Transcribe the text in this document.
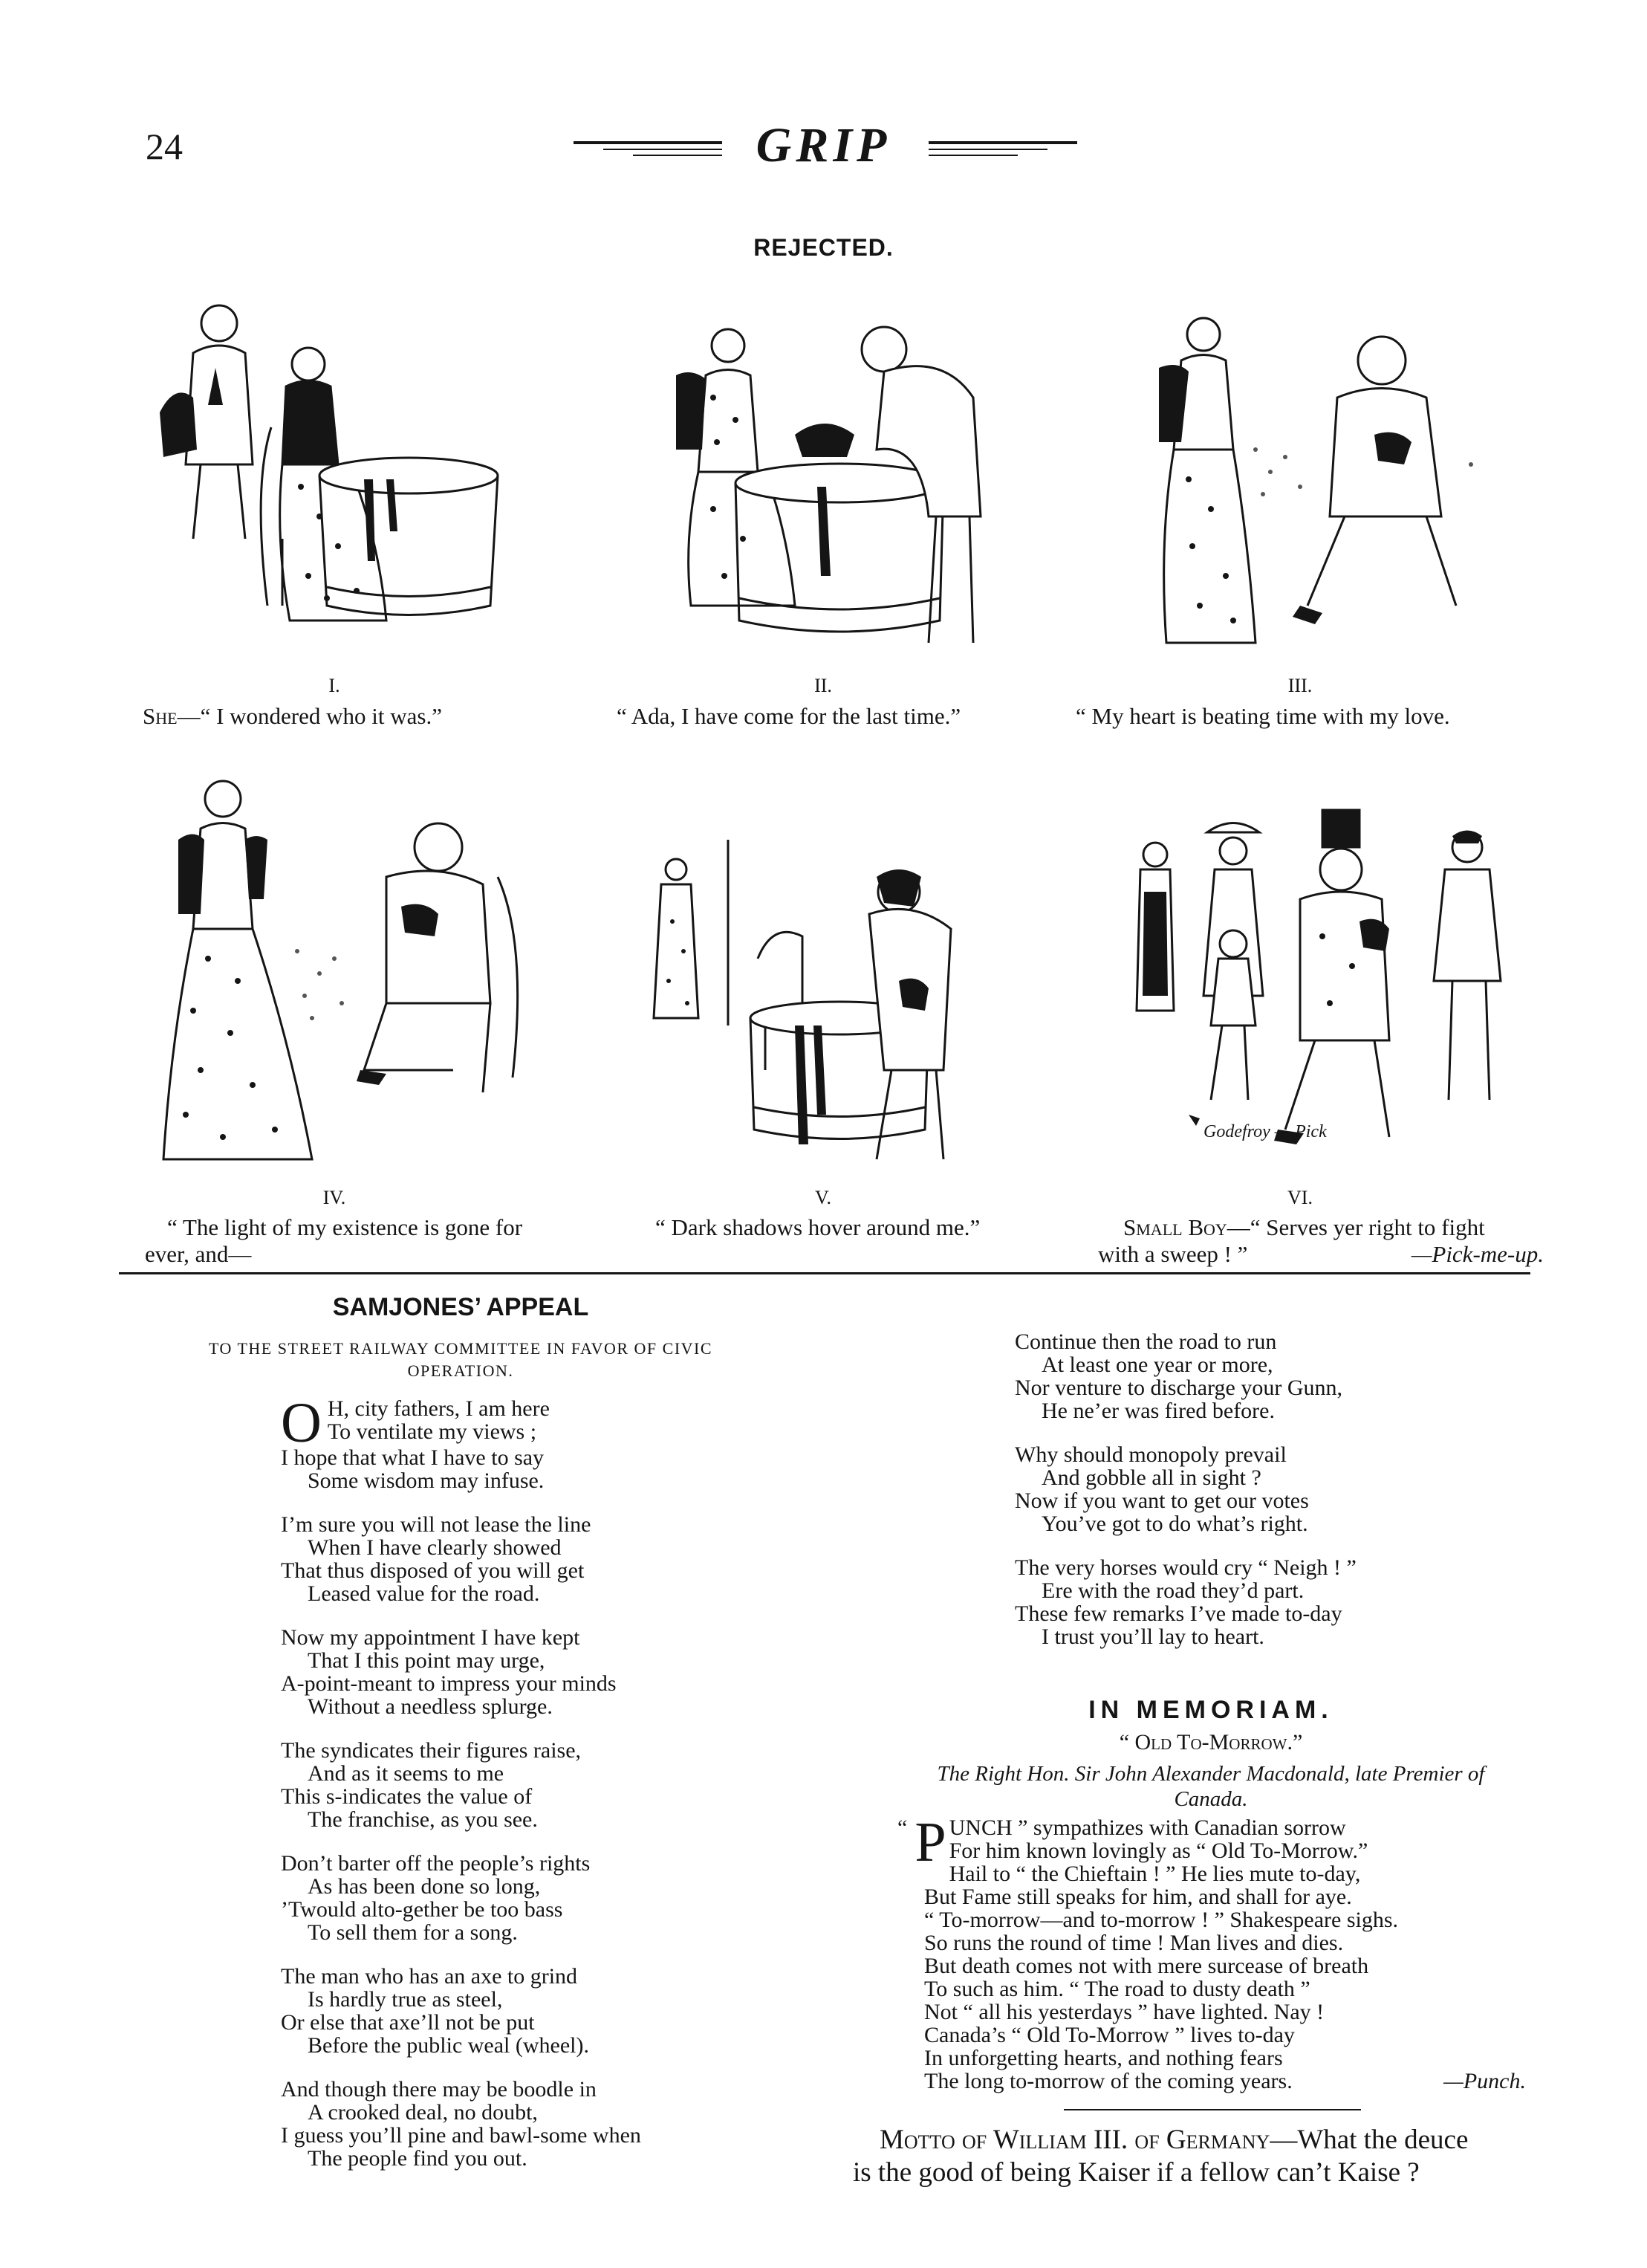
24	GRIP
REJECTED.
I.
She—“ I wondered who it was.”
II.
“ Ada, I have come for the last time.”
III.
“ My heart is beating time with my love.
Godefroy — Pick
IV.
“ The light of my existence is gone for
ever, and—
V.
“ Dark shadows hover around me.”
VI.
Small Boy—“ Serves yer right to fight
with a sweep ! ”	—Pick-me-up.
SAMJONES’ APPEAL
TO THE STREET RAILWAY COMMITTEE IN FAVOR OF CIVIC
OPERATION.
O H, city fathers, I am here
To ventilate my views ;
I hope that what I have to say
Some wisdom may infuse.
I’m sure you will not lease the line
When I have clearly showed
That thus disposed of you will get
Leased value for the road.
Now my appointment I have kept
That I this point may urge,
A-point-meant to impress your minds
Without a needless splurge.
The syndicates their figures raise,
And as it seems to me
This s-indicates the value of
The franchise, as you see.
Don’t barter off the people’s rights
As has been done so long,
’Twould alto-gether be too bass
To sell them for a song.
The man who has an axe to grind
Is hardly true as steel,
Or else that axe’ll not be put
Before the public weal (wheel).
And though there may be boodle in
A crooked deal, no doubt,
I guess you’ll pine and bawl-some when
The people find you out.
Continue then the road to run
At least one year or more,
Nor venture to discharge your Gunn,
He ne’er was fired before.
Why should monopoly prevail
And gobble all in sight ?
Now if you want to get our votes
You’ve got to do what’s right.
The very horses would cry “ Neigh ! ”
Ere with the road they’d part.
These few remarks I’ve made to-day
I trust you’ll lay to heart.
IN MEMORIAM.
“ Old To-Morrow.”
The Right Hon. Sir John Alexander Macdonald, late Premier of
Canada.
“ P UNCH ” sympathizes with Canadian sorrow
For him known lovingly as “ Old To-Morrow.”
Hail to “ the Chieftain ! ” He lies mute to-day,
But Fame still speaks for him, and shall for aye.
“ To-morrow—and to-morrow ! ” Shakespeare sighs.
So runs the round of time ! Man lives and dies.
But death comes not with mere surcease of breath
To such as him. “ The road to dusty death ”
Not “ all his yesterdays ” have lighted. Nay !
Canada’s “ Old To-Morrow ” lives to-day
In unforgetting hearts, and nothing fears
The long to-morrow of the coming years.	—Punch.
Motto of William III. of Germany—What the deuce
is the good of being Kaiser if a fellow can’t Kaise ?
